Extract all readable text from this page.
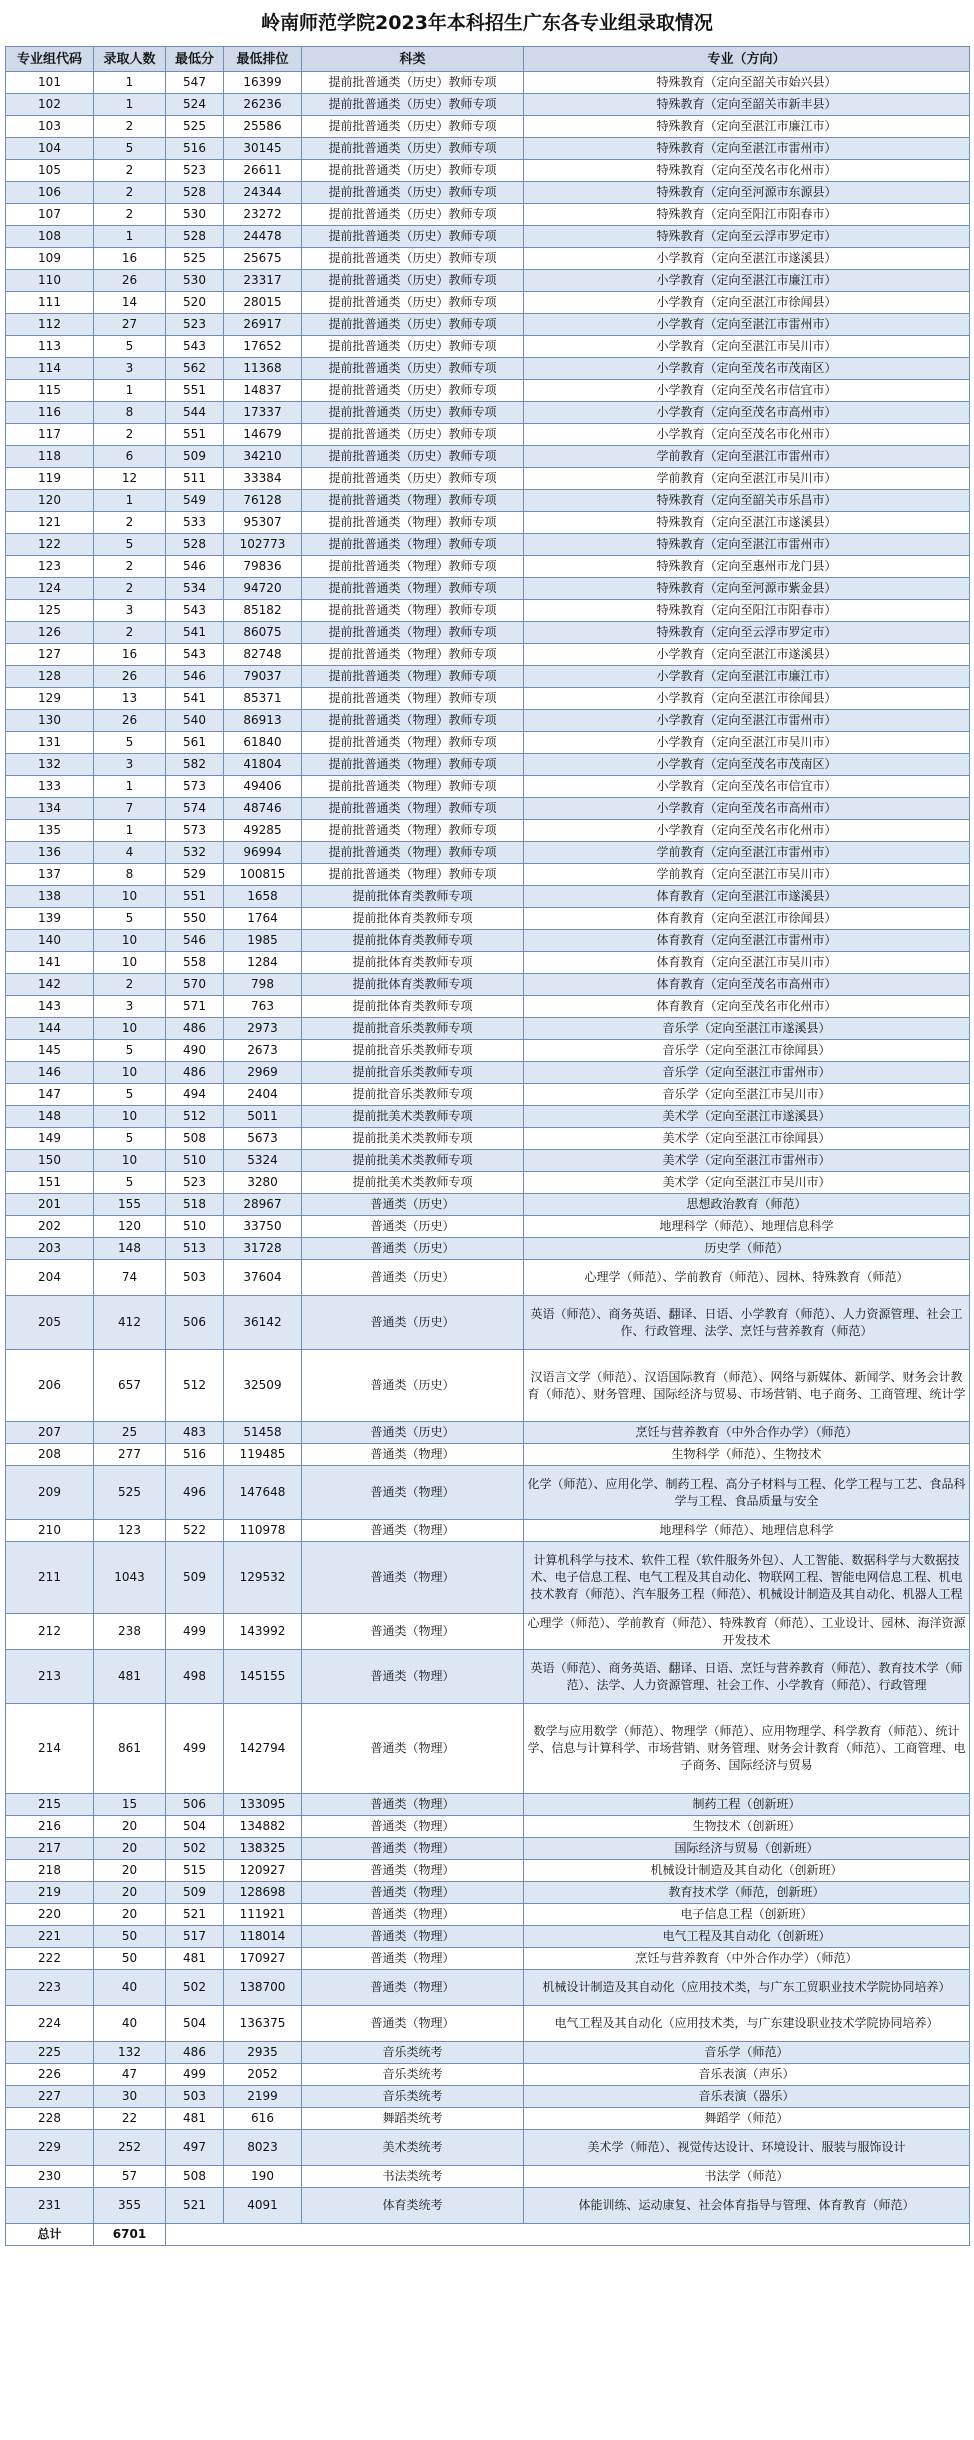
岭南师范学院2023年本科招生广东各专业组录取情况
专业组代码	录取人数	最低分	最低排位	科类	专业（方向）
101	1	547	16399	提前批普通类（历史）教师专项	特殊教育（定向至韶关市始兴县）
102	1	524	26236	提前批普通类（历史）教师专项	特殊教育（定向至韶关市新丰县）
103	2	525	25586	提前批普通类（历史）教师专项	特殊教育（定向至湛江市廉江市）
104	5	516	30145	提前批普通类（历史）教师专项	特殊教育（定向至湛江市雷州市）
105	2	523	26611	提前批普通类（历史）教师专项	特殊教育（定向至茂名市化州市）
106	2	528	24344	提前批普通类（历史）教师专项	特殊教育（定向至河源市东源县）
107	2	530	23272	提前批普通类（历史）教师专项	特殊教育（定向至阳江市阳春市）
108	1	528	24478	提前批普通类（历史）教师专项	特殊教育（定向至云浮市罗定市）
109	16	525	25675	提前批普通类（历史）教师专项	小学教育（定向至湛江市遂溪县）
110	26	530	23317	提前批普通类（历史）教师专项	小学教育（定向至湛江市廉江市）
111	14	520	28015	提前批普通类（历史）教师专项	小学教育（定向至湛江市徐闻县）
112	27	523	26917	提前批普通类（历史）教师专项	小学教育（定向至湛江市雷州市）
113	5	543	17652	提前批普通类（历史）教师专项	小学教育（定向至湛江市吴川市）
114	3	562	11368	提前批普通类（历史）教师专项	小学教育（定向至茂名市茂南区）
115	1	551	14837	提前批普通类（历史）教师专项	小学教育（定向至茂名市信宜市）
116	8	544	17337	提前批普通类（历史）教师专项	小学教育（定向至茂名市高州市）
117	2	551	14679	提前批普通类（历史）教师专项	小学教育（定向至茂名市化州市）
118	6	509	34210	提前批普通类（历史）教师专项	学前教育（定向至湛江市雷州市）
119	12	511	33384	提前批普通类（历史）教师专项	学前教育（定向至湛江市吴川市）
120	1	549	76128	提前批普通类（物理）教师专项	特殊教育（定向至韶关市乐昌市）
121	2	533	95307	提前批普通类（物理）教师专项	特殊教育（定向至湛江市遂溪县）
122	5	528	102773	提前批普通类（物理）教师专项	特殊教育（定向至湛江市雷州市）
123	2	546	79836	提前批普通类（物理）教师专项	特殊教育（定向至惠州市龙门县）
124	2	534	94720	提前批普通类（物理）教师专项	特殊教育（定向至河源市紫金县）
125	3	543	85182	提前批普通类（物理）教师专项	特殊教育（定向至阳江市阳春市）
126	2	541	86075	提前批普通类（物理）教师专项	特殊教育（定向至云浮市罗定市）
127	16	543	82748	提前批普通类（物理）教师专项	小学教育（定向至湛江市遂溪县）
128	26	546	79037	提前批普通类（物理）教师专项	小学教育（定向至湛江市廉江市）
129	13	541	85371	提前批普通类（物理）教师专项	小学教育（定向至湛江市徐闻县）
130	26	540	86913	提前批普通类（物理）教师专项	小学教育（定向至湛江市雷州市）
131	5	561	61840	提前批普通类（物理）教师专项	小学教育（定向至湛江市吴川市）
132	3	582	41804	提前批普通类（物理）教师专项	小学教育（定向至茂名市茂南区）
133	1	573	49406	提前批普通类（物理）教师专项	小学教育（定向至茂名市信宜市）
134	7	574	48746	提前批普通类（物理）教师专项	小学教育（定向至茂名市高州市）
135	1	573	49285	提前批普通类（物理）教师专项	小学教育（定向至茂名市化州市）
136	4	532	96994	提前批普通类（物理）教师专项	学前教育（定向至湛江市雷州市）
137	8	529	100815	提前批普通类（物理）教师专项	学前教育（定向至湛江市吴川市）
138	10	551	1658	提前批体育类教师专项	体育教育（定向至湛江市遂溪县）
139	5	550	1764	提前批体育类教师专项	体育教育（定向至湛江市徐闻县）
140	10	546	1985	提前批体育类教师专项	体育教育（定向至湛江市雷州市）
141	10	558	1284	提前批体育类教师专项	体育教育（定向至湛江市吴川市）
142	2	570	798	提前批体育类教师专项	体育教育（定向至茂名市高州市）
143	3	571	763	提前批体育类教师专项	体育教育（定向至茂名市化州市）
144	10	486	2973	提前批音乐类教师专项	音乐学（定向至湛江市遂溪县）
145	5	490	2673	提前批音乐类教师专项	音乐学（定向至湛江市徐闻县）
146	10	486	2969	提前批音乐类教师专项	音乐学（定向至湛江市雷州市）
147	5	494	2404	提前批音乐类教师专项	音乐学（定向至湛江市吴川市）
148	10	512	5011	提前批美术类教师专项	美术学（定向至湛江市遂溪县）
149	5	508	5673	提前批美术类教师专项	美术学（定向至湛江市徐闻县）
150	10	510	5324	提前批美术类教师专项	美术学（定向至湛江市雷州市）
151	5	523	3280	提前批美术类教师专项	美术学（定向至湛江市吴川市）
201	155	518	28967	普通类（历史）	思想政治教育（师范）
202	120	510	33750	普通类（历史）	地理科学（师范）、地理信息科学
203	148	513	31728	普通类（历史）	历史学（师范）
204	74	503	37604	普通类（历史）	心理学（师范）、学前教育（师范）、园林、特殊教育（师范）
205	412	506	36142	普通类（历史）	英语（师范）、商务英语、翻译、日语、小学教育（师范）、人力资源管理、社会工作、行政管理、法学、烹饪与营养教育（师范）
206	657	512	32509	普通类（历史）	汉语言文学（师范）、汉语国际教育（师范）、网络与新媒体、新闻学、财务会计教育（师范）、财务管理、国际经济与贸易、市场营销、电子商务、工商管理、统计学
207	25	483	51458	普通类（历史）	烹饪与营养教育（中外合作办学）（师范）
208	277	516	119485	普通类（物理）	生物科学（师范）、生物技术
209	525	496	147648	普通类（物理）	化学（师范）、应用化学、制药工程、高分子材料与工程、化学工程与工艺、食品科学与工程、食品质量与安全
210	123	522	110978	普通类（物理）	地理科学（师范）、地理信息科学
211	1043	509	129532	普通类（物理）	计算机科学与技术、软件工程（软件服务外包）、人工智能、数据科学与大数据技术、电子信息工程、电气工程及其自动化、物联网工程、智能电网信息工程、机电技术教育（师范）、汽车服务工程（师范）、机械设计制造及其自动化、机器人工程
212	238	499	143992	普通类（物理）	心理学（师范）、学前教育（师范）、特殊教育（师范）、工业设计、园林、海洋资源开发技术
213	481	498	145155	普通类（物理）	英语（师范）、商务英语、翻译、日语、烹饪与营养教育（师范）、教育技术学（师范）、法学、人力资源管理、社会工作、小学教育（师范）、行政管理
214	861	499	142794	普通类（物理）	数学与应用数学（师范）、物理学（师范）、应用物理学、科学教育（师范）、统计学、信息与计算科学、市场营销、财务管理、财务会计教育（师范）、工商管理、电子商务、国际经济与贸易
215	15	506	133095	普通类（物理）	制药工程（创新班）
216	20	504	134882	普通类（物理）	生物技术（创新班）
217	20	502	138325	普通类（物理）	国际经济与贸易（创新班）
218	20	515	120927	普通类（物理）	机械设计制造及其自动化（创新班）
219	20	509	128698	普通类（物理）	教育技术学（师范，创新班）
220	20	521	111921	普通类（物理）	电子信息工程（创新班）
221	50	517	118014	普通类（物理）	电气工程及其自动化（创新班）
222	50	481	170927	普通类（物理）	烹饪与营养教育（中外合作办学）（师范）
223	40	502	138700	普通类（物理）	机械设计制造及其自动化（应用技术类，与广东工贸职业技术学院协同培养）
224	40	504	136375	普通类（物理）	电气工程及其自动化（应用技术类，与广东建设职业技术学院协同培养）
225	132	486	2935	音乐类统考	音乐学（师范）
226	47	499	2052	音乐类统考	音乐表演（声乐）
227	30	503	2199	音乐类统考	音乐表演（器乐）
228	22	481	616	舞蹈类统考	舞蹈学（师范）
229	252	497	8023	美术类统考	美术学（师范）、视觉传达设计、环境设计、服装与服饰设计
230	57	508	190	书法类统考	书法学（师范）
231	355	521	4091	体育类统考	体能训练、运动康复、社会体育指导与管理、体育教育（师范）
总计	6701				
